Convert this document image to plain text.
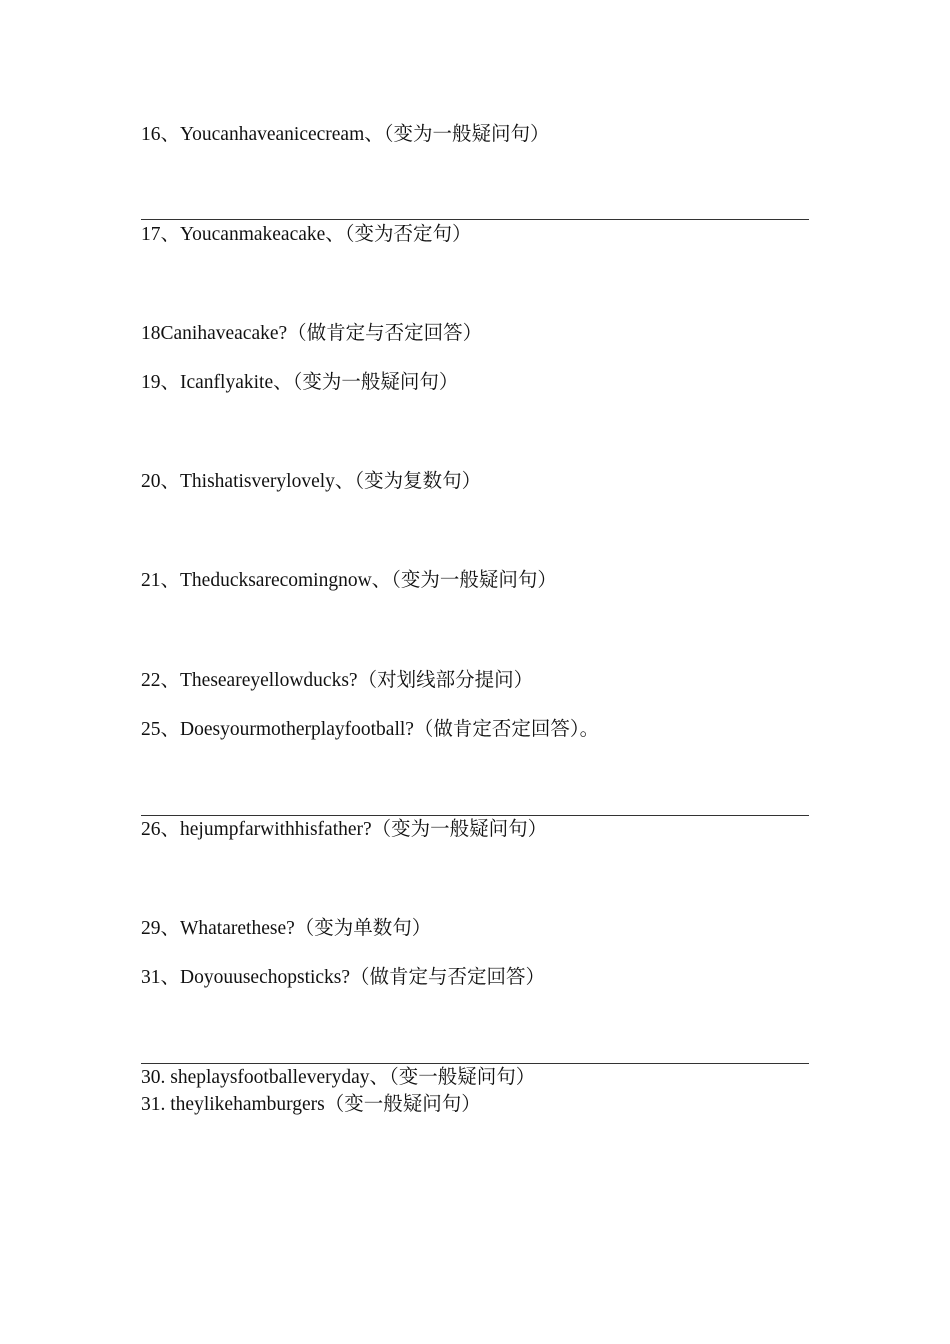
16、Youcanhaveanicecream、（变为一般疑问句）
17、Youcanmakeacake、（变为否定句）
18Canihaveacake?（做肯定与否定回答）
19、Icanflyakite、（变为一般疑问句）
20、Thishatisverylovely、（变为复数句）
21、Theducksarecomingnow、（变为一般疑问句）
22、Theseareyellowducks?（对划线部分提问）
25、Doesyourmotherplayfootball?（做肯定否定回答）。
26、hejumpfarwithhisfather?（变为一般疑问句）
29、Whatarethese?（变为单数句）
31、Doyouusechopsticks?（做肯定与否定回答）
30. sheplaysfootballeveryday、（变一般疑问句）
31. theylikehamburgers（变一般疑问句）
